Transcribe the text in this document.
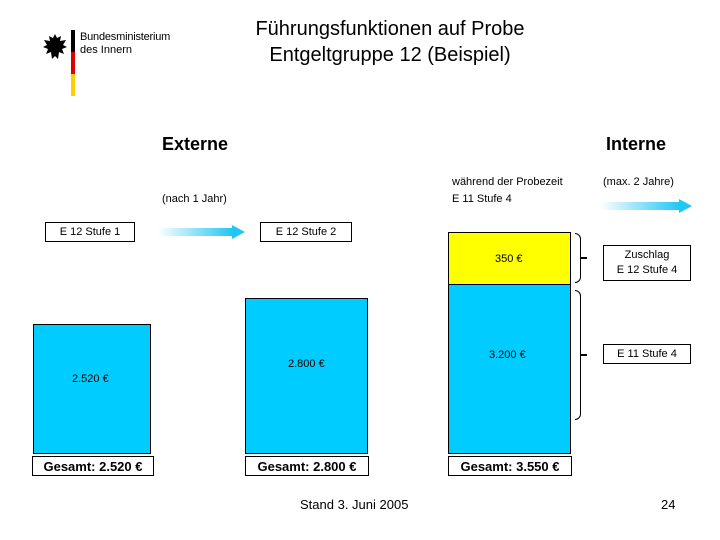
Bundesministerium
des Innern
Führungsfunktionen auf Probe
Entgeltgruppe 12 (Beispiel)
Externe	Interne
(nach 1 Jahr)
während der Probezeit
E 11 Stufe 4
(max. 2 Jahre)
E 12 Stufe 1	E 12 Stufe 2
2.520 €
2.800 €
350 €
3.200 €
Zuschlag
E 12 Stufe 4
E 11 Stufe 4
Gesamt: 2.520 €	Gesamt: 2.800 €	Gesamt: 3.550 €
Stand 3. Juni 2005	24
